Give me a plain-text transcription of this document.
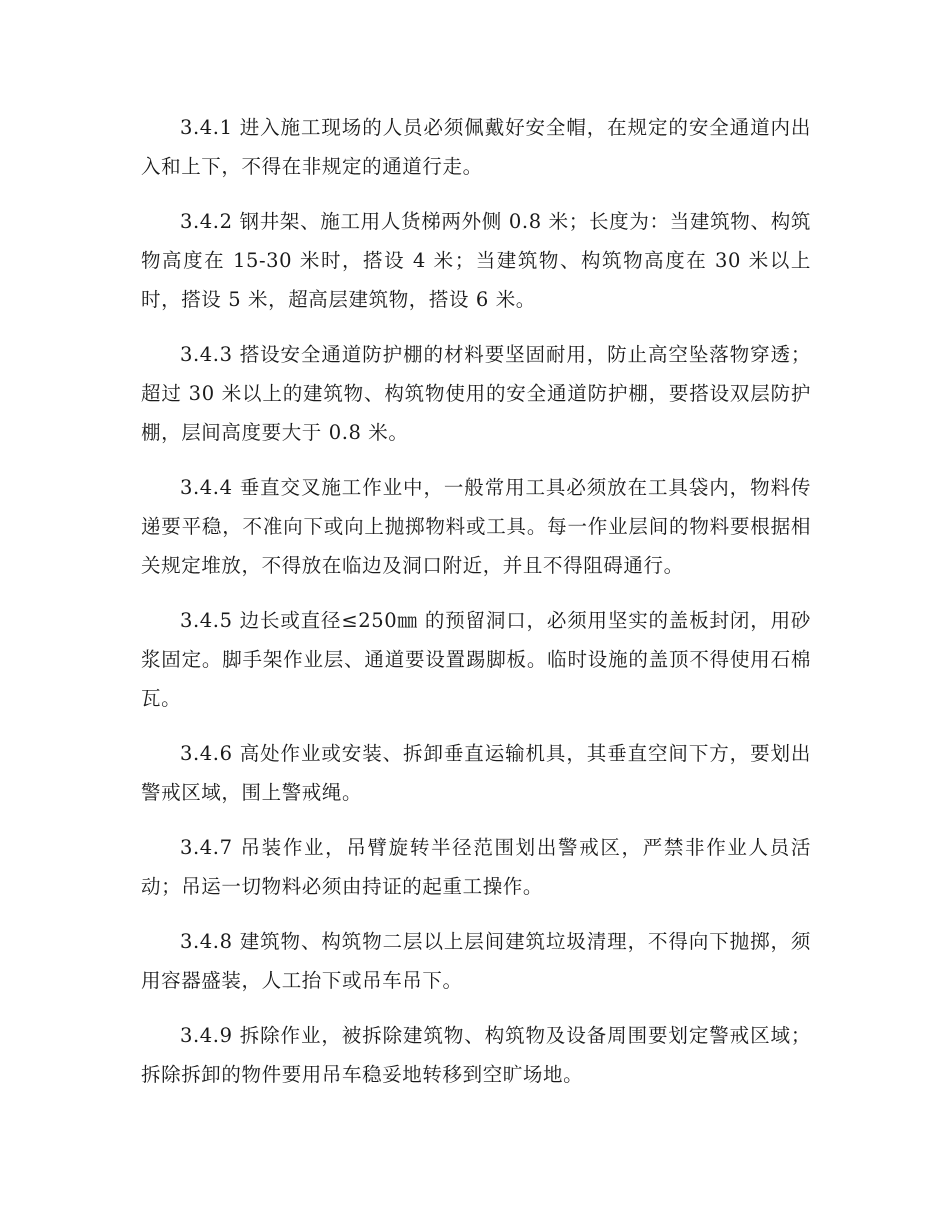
3.4.1 进入施工现场的人员必须佩戴好安全帽，在规定的安全通道内出入和上下，不得在非规定的通道行走。

3.4.2 钢井架、施工用人货梯两外侧 0.8 米；长度为：当建筑物、构筑物高度在 15-30 米时，搭设 4 米；当建筑物、构筑物高度在 30 米以上时，搭设 5 米，超高层建筑物，搭设 6 米。

3.4.3 搭设安全通道防护棚的材料要坚固耐用，防止高空坠落物穿透；超过 30 米以上的建筑物、构筑物使用的安全通道防护棚，要搭设双层防护棚，层间高度要大于 0.8 米。

3.4.4 垂直交叉施工作业中，一般常用工具必须放在工具袋内，物料传递要平稳，不准向下或向上抛掷物料或工具。每一作业层间的物料要根据相关规定堆放，不得放在临边及洞口附近，并且不得阻碍通行。

3.4.5 边长或直径≤250㎜ 的预留洞口，必须用坚实的盖板封闭，用砂浆固定。脚手架作业层、通道要设置踢脚板。临时设施的盖顶不得使用石棉瓦。

3.4.6 高处作业或安装、拆卸垂直运输机具，其垂直空间下方，要划出警戒区域，围上警戒绳。

3.4.7 吊装作业，吊臂旋转半径范围划出警戒区，严禁非作业人员活动；吊运一切物料必须由持证的起重工操作。

3.4.8 建筑物、构筑物二层以上层间建筑垃圾清理，不得向下抛掷，须用容器盛装，人工抬下或吊车吊下。

3.4.9 拆除作业，被拆除建筑物、构筑物及设备周围要划定警戒区域；拆除拆卸的物件要用吊车稳妥地转移到空旷场地。
